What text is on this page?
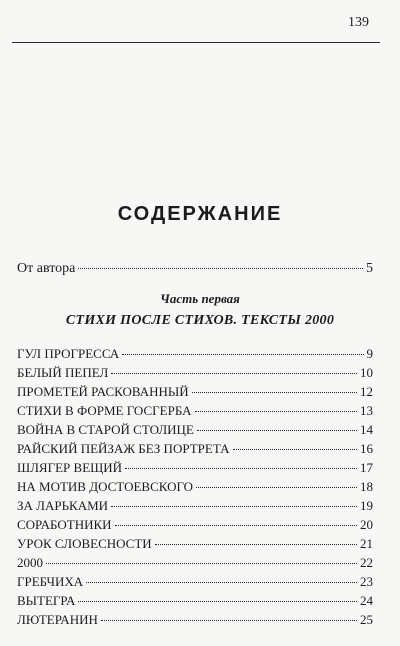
139
СОДЕРЖАНИЕ
От автора	5
Часть первая
СТИХИ ПОСЛЕ СТИХОВ. ТЕКСТЫ 2000
ГУЛ ПРОГРЕССА	9
БЕЛЫЙ ПЕПЕЛ	10
ПРОМЕТЕЙ РАСКОВАННЫЙ	12
СТИХИ В ФОРМЕ ГОСГЕРБА	13
ВОЙНА В СТАРОЙ СТОЛИЦЕ	14
РАЙСКИЙ ПЕЙЗАЖ БЕЗ ПОРТРЕТА	16
ШЛЯГЕР ВЕЩИЙ	17
НА МОТИВ ДОСТОЕВСКОГО	18
ЗА ЛАРЬКАМИ	19
СОРАБОТНИКИ	20
УРОК СЛОВЕСНОСТИ	21
2000	22
ГРЕБЧИХА	23
ВЫТЕГРА	24
ЛЮТЕРАНИН	25
